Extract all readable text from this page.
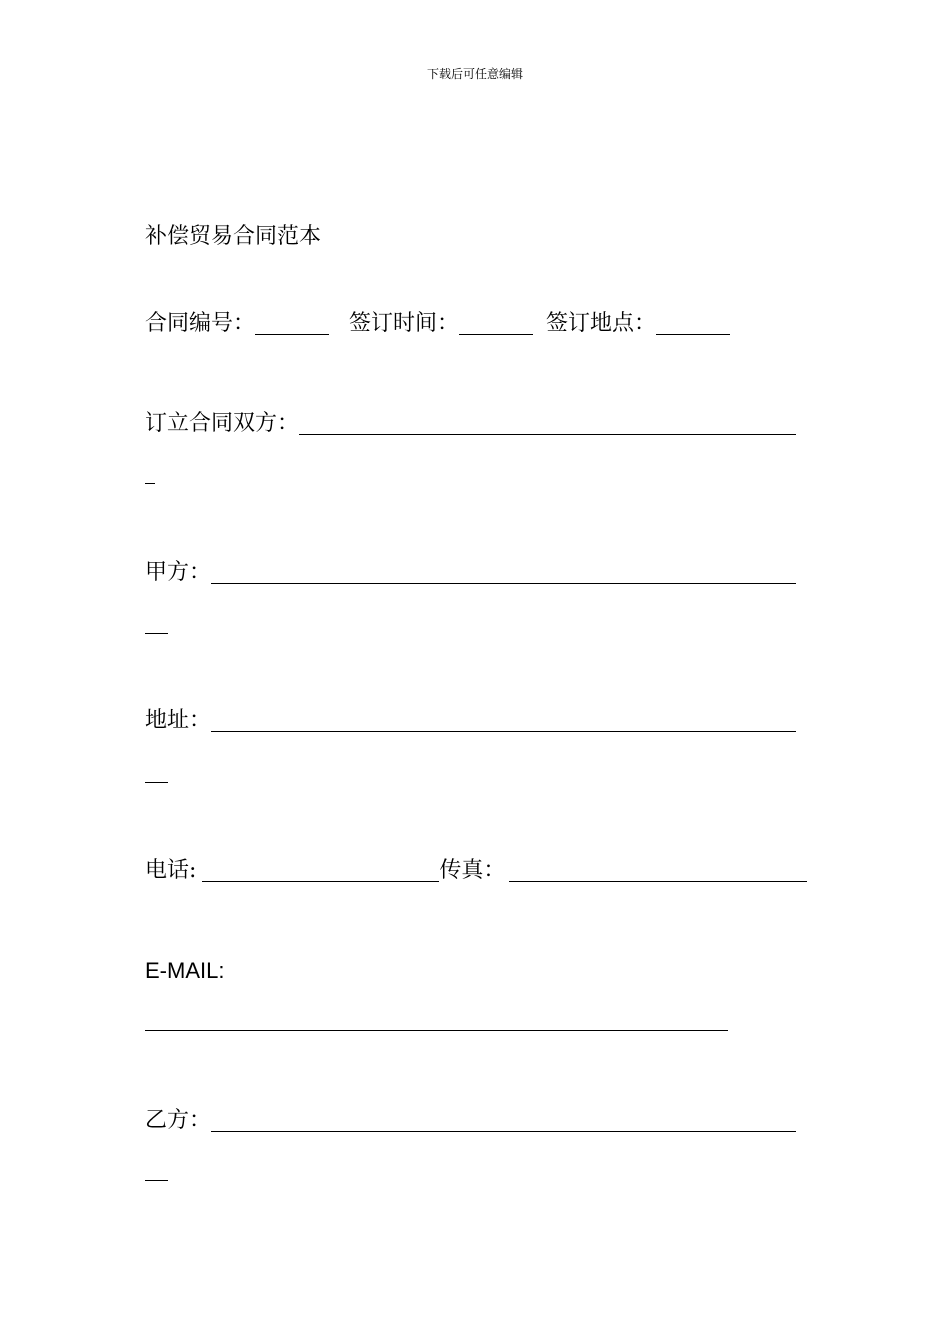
下载后可任意编辑
补偿贸易合同范本
合同编号：	签订时间：	签订地点：
订立合同双方：
甲方：
地址：
电话:	传真：
E-MAIL:
乙方：
